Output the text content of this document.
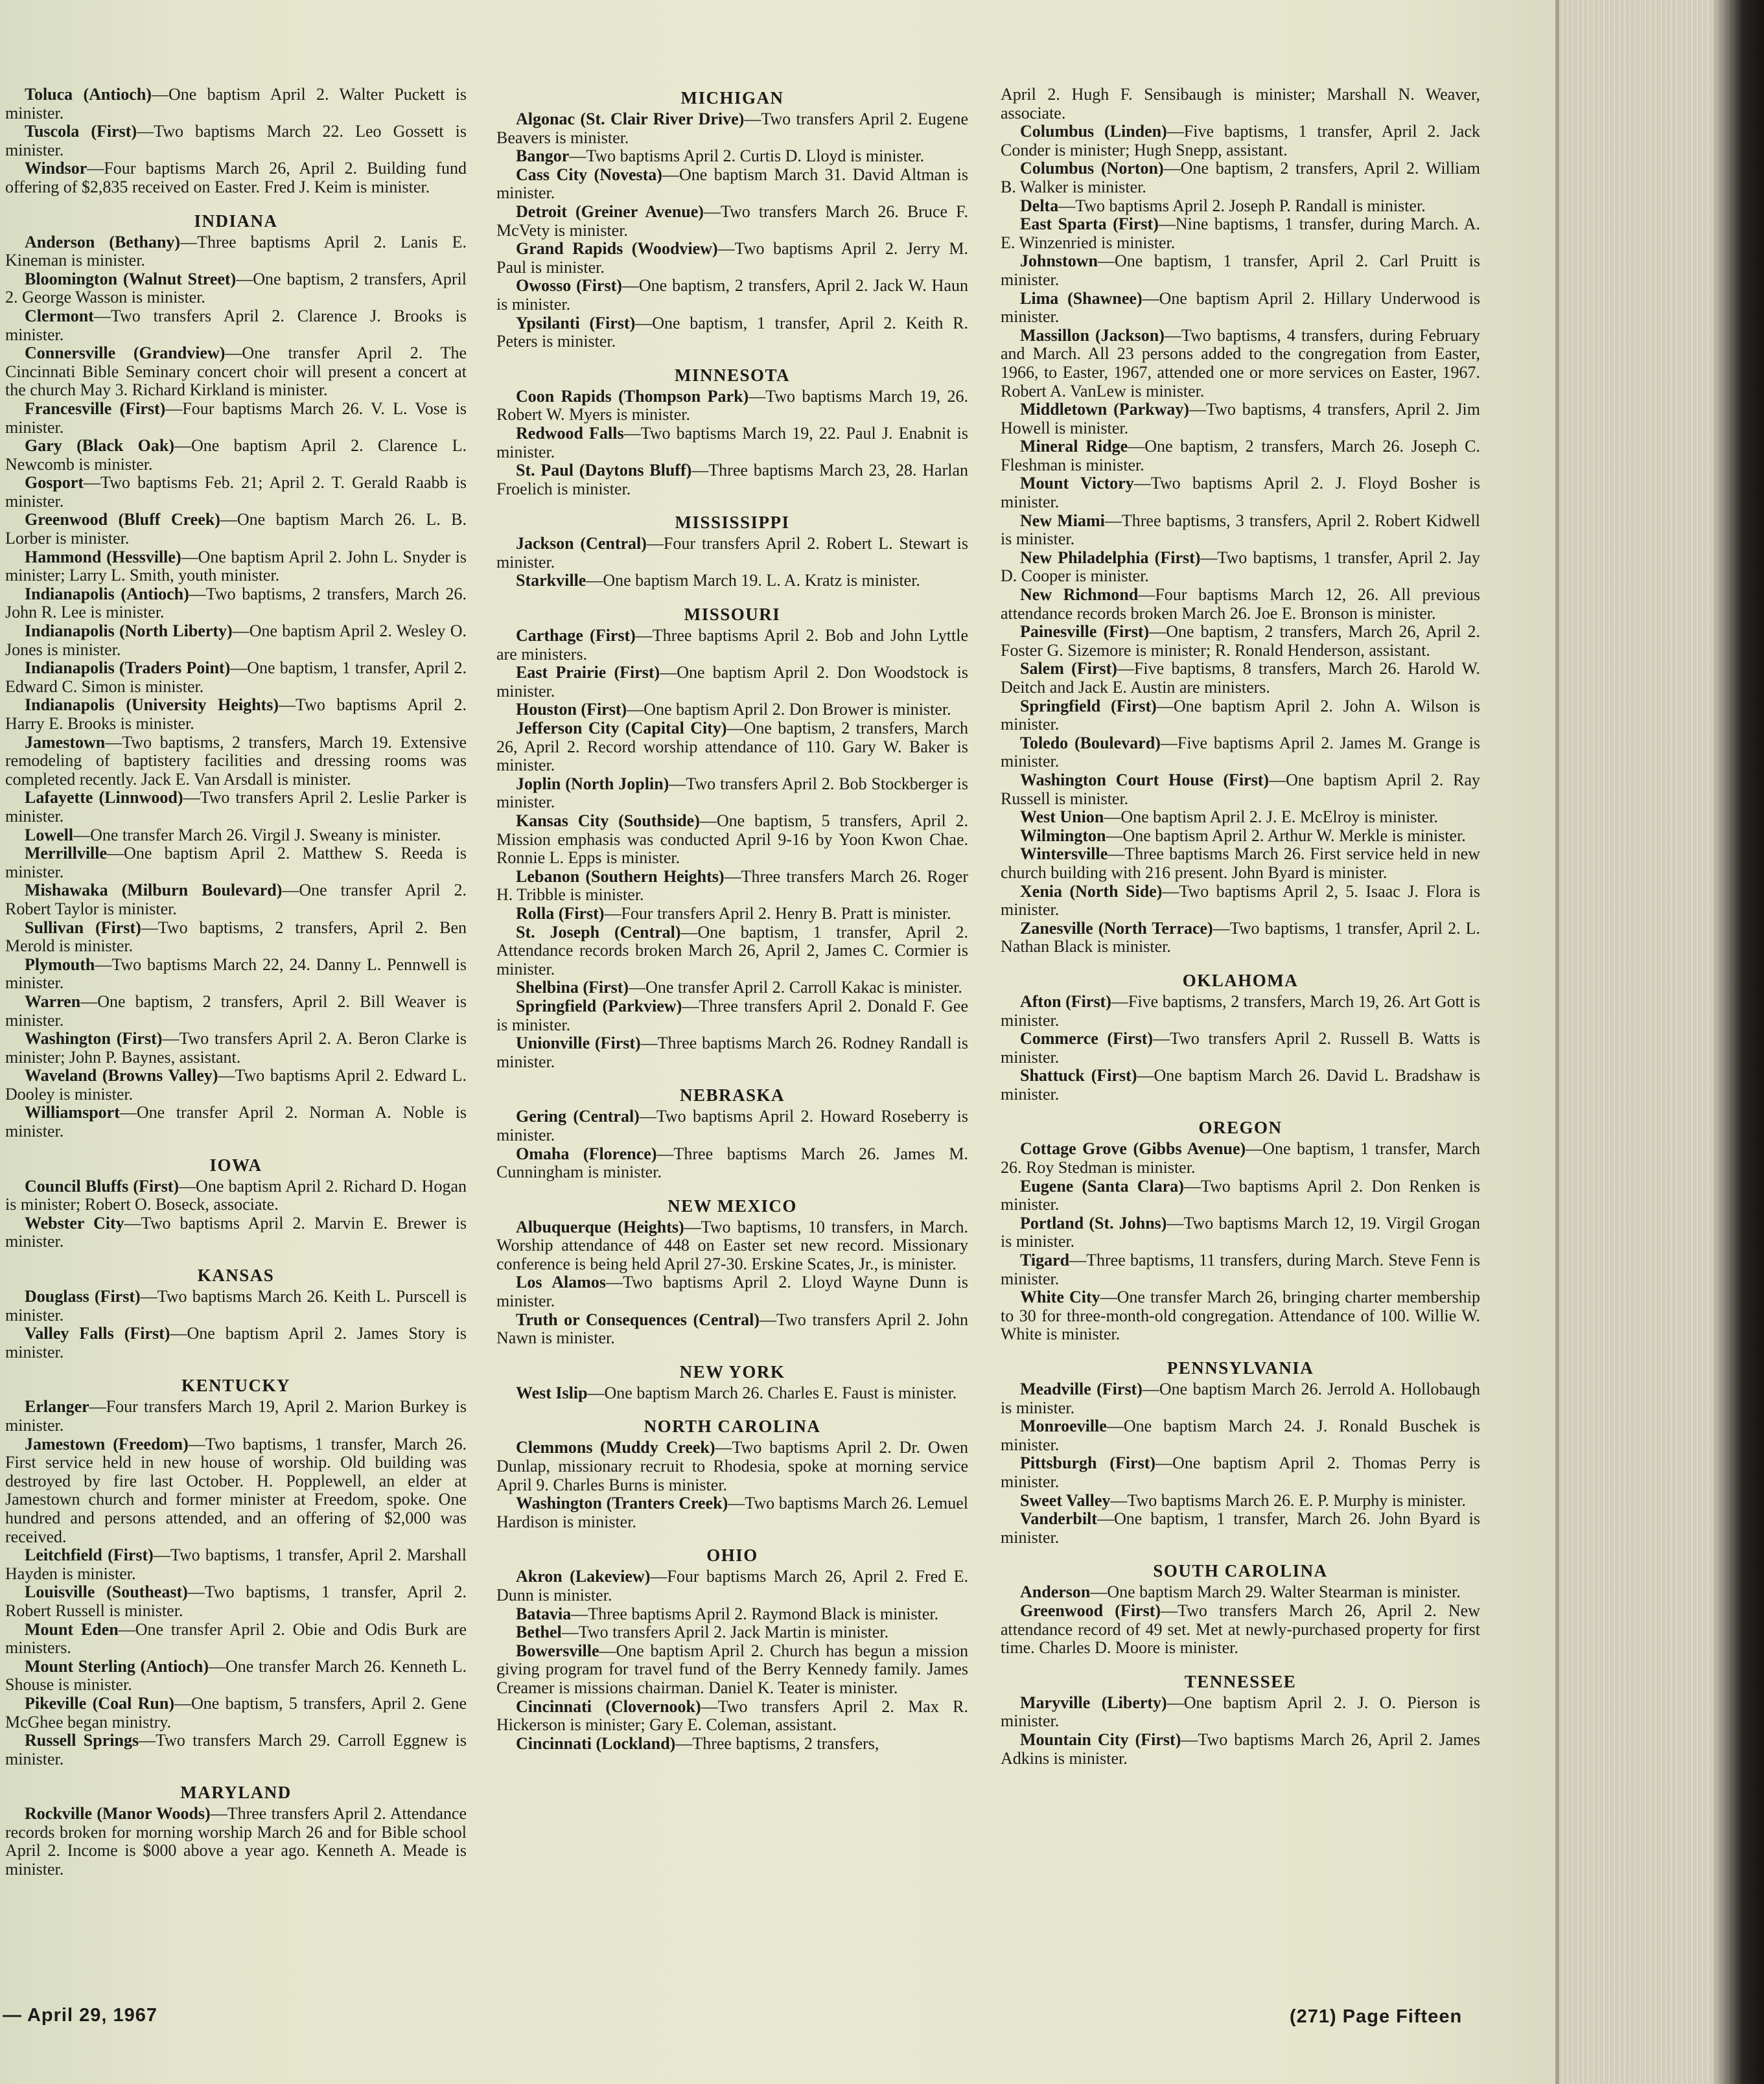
Toluca (Antioch)—One baptism April 2. Walter Puckett is minister.

Tuscola (First)—Two baptisms March 22. Leo Gossett is minister.

Windsor—Four baptisms March 26, April 2. Building fund offering of $2,835 received on Easter. Fred J. Keim is minister.

INDIANA

Anderson (Bethany)—Three baptisms April 2. Lanis E. Kineman is minister.

Bloomington (Walnut Street)—One baptism, 2 transfers, April 2. George Wasson is minister.

Clermont—Two transfers April 2. Clarence J. Brooks is minister.

Connersville (Grandview)—One transfer April 2. The Cincinnati Bible Seminary concert choir will present a concert at the church May 3. Richard Kirkland is minister.

Francesville (First)—Four baptisms March 26. V. L. Vose is minister.

Gary (Black Oak)—One baptism April 2. Clarence L. Newcomb is minister.

Gosport—Two baptisms Feb. 21; April 2. T. Gerald Raabb is minister.

Greenwood (Bluff Creek)—One baptism March 26. L. B. Lorber is minister.

Hammond (Hessville)—One baptism April 2. John L. Snyder is minister; Larry L. Smith, youth minister.

Indianapolis (Antioch)—Two baptisms, 2 transfers, March 26. John R. Lee is minister.

Indianapolis (North Liberty)—One baptism April 2. Wesley O. Jones is minister.

Indianapolis (Traders Point)—One baptism, 1 transfer, April 2. Edward C. Simon is minister.

Indianapolis (University Heights)—Two baptisms April 2. Harry E. Brooks is minister.

Jamestown—Two baptisms, 2 transfers, March 19. Extensive remodeling of baptistery facilities and dressing rooms was completed recently. Jack E. Van Arsdall is minister.

Lafayette (Linnwood)—Two transfers April 2. Leslie Parker is minister.

Lowell—One transfer March 26. Virgil J. Sweany is minister.

Merrillville—One baptism April 2. Matthew S. Reeda is minister.

Mishawaka (Milburn Boulevard)—One transfer April 2. Robert Taylor is minister.

Sullivan (First)—Two baptisms, 2 transfers, April 2. Ben Merold is minister.

Plymouth—Two baptisms March 22, 24. Danny L. Pennwell is minister.

Warren—One baptism, 2 transfers, April 2. Bill Weaver is minister.

Washington (First)—Two transfers April 2. A. Beron Clarke is minister; John P. Baynes, assistant.

Waveland (Browns Valley)—Two baptisms April 2. Edward L. Dooley is minister.

Williamsport—One transfer April 2. Norman A. Noble is minister.

IOWA

Council Bluffs (First)—One baptism April 2. Richard D. Hogan is minister; Robert O. Boseck, associate.

Webster City—Two baptisms April 2. Marvin E. Brewer is minister.

KANSAS

Douglass (First)—Two baptisms March 26. Keith L. Purscell is minister.

Valley Falls (First)—One baptism April 2. James Story is minister.

KENTUCKY

Erlanger—Four transfers March 19, April 2. Marion Burkey is minister.

Jamestown (Freedom)—Two baptisms, 1 transfer, March 26. First service held in new house of worship. Old building was destroyed by fire last October. H. Popplewell, an elder at Jamestown church and former minister at Freedom, spoke. One hundred and persons attended, and an offering of $2,000 was received.

Leitchfield (First)—Two baptisms, 1 transfer, April 2. Marshall Hayden is minister.

Louisville (Southeast)—Two baptisms, 1 transfer, April 2. Robert Russell is minister.

Mount Eden—One transfer April 2. Obie and Odis Burk are ministers.

Mount Sterling (Antioch)—One transfer March 26. Kenneth L. Shouse is minister.

Pikeville (Coal Run)—One baptism, 5 transfers, April 2. Gene McGhee began ministry.

Russell Springs—Two transfers March 29. Carroll Eggnew is minister.

MARYLAND

Rockville (Manor Woods)—Three transfers April 2. Attendance records broken for morning worship March 26 and for Bible school April 2. Income is $000 above a year ago. Kenneth A. Meade is minister.

MICHIGAN

Algonac (St. Clair River Drive)—Two transfers April 2. Eugene Beavers is minister.

Bangor—Two baptisms April 2. Curtis D. Lloyd is minister.

Cass City (Novesta)—One baptism March 31. David Altman is minister.

Detroit (Greiner Avenue)—Two transfers March 26. Bruce F. McVety is minister.

Grand Rapids (Woodview)—Two baptisms April 2. Jerry M. Paul is minister.

Owosso (First)—One baptism, 2 transfers, April 2. Jack W. Haun is minister.

Ypsilanti (First)—One baptism, 1 transfer, April 2. Keith R. Peters is minister.

MINNESOTA

Coon Rapids (Thompson Park)—Two baptisms March 19, 26. Robert W. Myers is minister.

Redwood Falls—Two baptisms March 19, 22. Paul J. Enabnit is minister.

St. Paul (Daytons Bluff)—Three baptisms March 23, 28. Harlan Froelich is minister.

MISSISSIPPI

Jackson (Central)—Four transfers April 2. Robert L. Stewart is minister.

Starkville—One baptism March 19. L. A. Kratz is minister.

MISSOURI

Carthage (First)—Three baptisms April 2. Bob and John Lyttle are ministers.

East Prairie (First)—One baptism April 2. Don Woodstock is minister.

Houston (First)—One baptism April 2. Don Brower is minister.

Jefferson City (Capital City)—One baptism, 2 transfers, March 26, April 2. Record worship attendance of 110. Gary W. Baker is minister.

Joplin (North Joplin)—Two transfers April 2. Bob Stockberger is minister.

Kansas City (Southside)—One baptism, 5 transfers, April 2. Mission emphasis was conducted April 9-16 by Yoon Kwon Chae. Ronnie L. Epps is minister.

Lebanon (Southern Heights)—Three transfers March 26. Roger H. Tribble is minister.

Rolla (First)—Four transfers April 2. Henry B. Pratt is minister.

St. Joseph (Central)—One baptism, 1 transfer, April 2. Attendance records broken March 26, April 2, James C. Cormier is minister.

Shelbina (First)—One transfer April 2. Carroll Kakac is minister.

Springfield (Parkview)—Three transfers April 2. Donald F. Gee is minister.

Unionville (First)—Three baptisms March 26. Rodney Randall is minister.

NEBRASKA

Gering (Central)—Two baptisms April 2. Howard Roseberry is minister.

Omaha (Florence)—Three baptisms March 26. James M. Cunningham is minister.

NEW MEXICO

Albuquerque (Heights)—Two baptisms, 10 transfers, in March. Worship attendance of 448 on Easter set new record. Missionary conference is being held April 27-30. Erskine Scates, Jr., is minister.

Los Alamos—Two baptisms April 2. Lloyd Wayne Dunn is minister.

Truth or Consequences (Central)—Two transfers April 2. John Nawn is minister.

NEW YORK

West Islip—One baptism March 26. Charles E. Faust is minister.

NORTH CAROLINA

Clemmons (Muddy Creek)—Two baptisms April 2. Dr. Owen Dunlap, missionary recruit to Rhodesia, spoke at morning service April 9. Charles Burns is minister.

Washington (Tranters Creek)—Two baptisms March 26. Lemuel Hardison is minister.

OHIO

Akron (Lakeview)—Four baptisms March 26, April 2. Fred E. Dunn is minister.

Batavia—Three baptisms April 2. Raymond Black is minister.

Bethel—Two transfers April 2. Jack Martin is minister.

Bowersville—One baptism April 2. Church has begun a mission giving program for travel fund of the Berry Kennedy family. James Creamer is missions chairman. Daniel K. Teater is minister.

Cincinnati (Clovernook)—Two transfers April 2. Max R. Hickerson is minister; Gary E. Coleman, assistant.

Cincinnati (Lockland)—Three baptisms, 2 transfers,

April 2. Hugh F. Sensibaugh is minister; Marshall N. Weaver, associate.

Columbus (Linden)—Five baptisms, 1 transfer, April 2. Jack Conder is minister; Hugh Snepp, assistant.

Columbus (Norton)—One baptism, 2 transfers, April 2. William B. Walker is minister.

Delta—Two baptisms April 2. Joseph P. Randall is minister.

East Sparta (First)—Nine baptisms, 1 transfer, during March. A. E. Winzenried is minister.

Johnstown—One baptism, 1 transfer, April 2. Carl Pruitt is minister.

Lima (Shawnee)—One baptism April 2. Hillary Underwood is minister.

Massillon (Jackson)—Two baptisms, 4 transfers, during February and March. All 23 persons added to the congregation from Easter, 1966, to Easter, 1967, attended one or more services on Easter, 1967. Robert A. VanLew is minister.

Middletown (Parkway)—Two baptisms, 4 transfers, April 2. Jim Howell is minister.

Mineral Ridge—One baptism, 2 transfers, March 26. Joseph C. Fleshman is minister.

Mount Victory—Two baptisms April 2. J. Floyd Bosher is minister.

New Miami—Three baptisms, 3 transfers, April 2. Robert Kidwell is minister.

New Philadelphia (First)—Two baptisms, 1 transfer, April 2. Jay D. Cooper is minister.

New Richmond—Four baptisms March 12, 26. All previous attendance records broken March 26. Joe E. Bronson is minister.

Painesville (First)—One baptism, 2 transfers, March 26, April 2. Foster G. Sizemore is minister; R. Ronald Henderson, assistant.

Salem (First)—Five baptisms, 8 transfers, March 26. Harold W. Deitch and Jack E. Austin are ministers.

Springfield (First)—One baptism April 2. John A. Wilson is minister.

Toledo (Boulevard)—Five baptisms April 2. James M. Grange is minister.

Washington Court House (First)—One baptism April 2. Ray Russell is minister.

West Union—One baptism April 2. J. E. McElroy is minister.

Wilmington—One baptism April 2. Arthur W. Merkle is minister.

Wintersville—Three baptisms March 26. First service held in new church building with 216 present. John Byard is minister.

Xenia (North Side)—Two baptisms April 2, 5. Isaac J. Flora is minister.

Zanesville (North Terrace)—Two baptisms, 1 transfer, April 2. L. Nathan Black is minister.

OKLAHOMA

Afton (First)—Five baptisms, 2 transfers, March 19, 26. Art Gott is minister.

Commerce (First)—Two transfers April 2. Russell B. Watts is minister.

Shattuck (First)—One baptism March 26. David L. Bradshaw is minister.

OREGON

Cottage Grove (Gibbs Avenue)—One baptism, 1 transfer, March 26. Roy Stedman is minister.

Eugene (Santa Clara)—Two baptisms April 2. Don Renken is minister.

Portland (St. Johns)—Two baptisms March 12, 19. Virgil Grogan is minister.

Tigard—Three baptisms, 11 transfers, during March. Steve Fenn is minister.

White City—One transfer March 26, bringing charter membership to 30 for three-month-old congregation. Attendance of 100. Willie W. White is minister.

PENNSYLVANIA

Meadville (First)—One baptism March 26. Jerrold A. Hollobaugh is minister.

Monroeville—One baptism March 24. J. Ronald Buschek is minister.

Pittsburgh (First)—One baptism April 2. Thomas Perry is minister.

Sweet Valley—Two baptisms March 26. E. P. Murphy is minister.

Vanderbilt—One baptism, 1 transfer, March 26. John Byard is minister.

SOUTH CAROLINA

Anderson—One baptism March 29. Walter Stearman is minister.

Greenwood (First)—Two transfers March 26, April 2. New attendance record of 49 set. Met at newly-purchased property for first time. Charles D. Moore is minister.

TENNESSEE

Maryville (Liberty)—One baptism April 2. J. O. Pierson is minister.

Mountain City (First)—Two baptisms March 26, April 2. James Adkins is minister.

— April 29, 1967	(271) Page Fifteen
